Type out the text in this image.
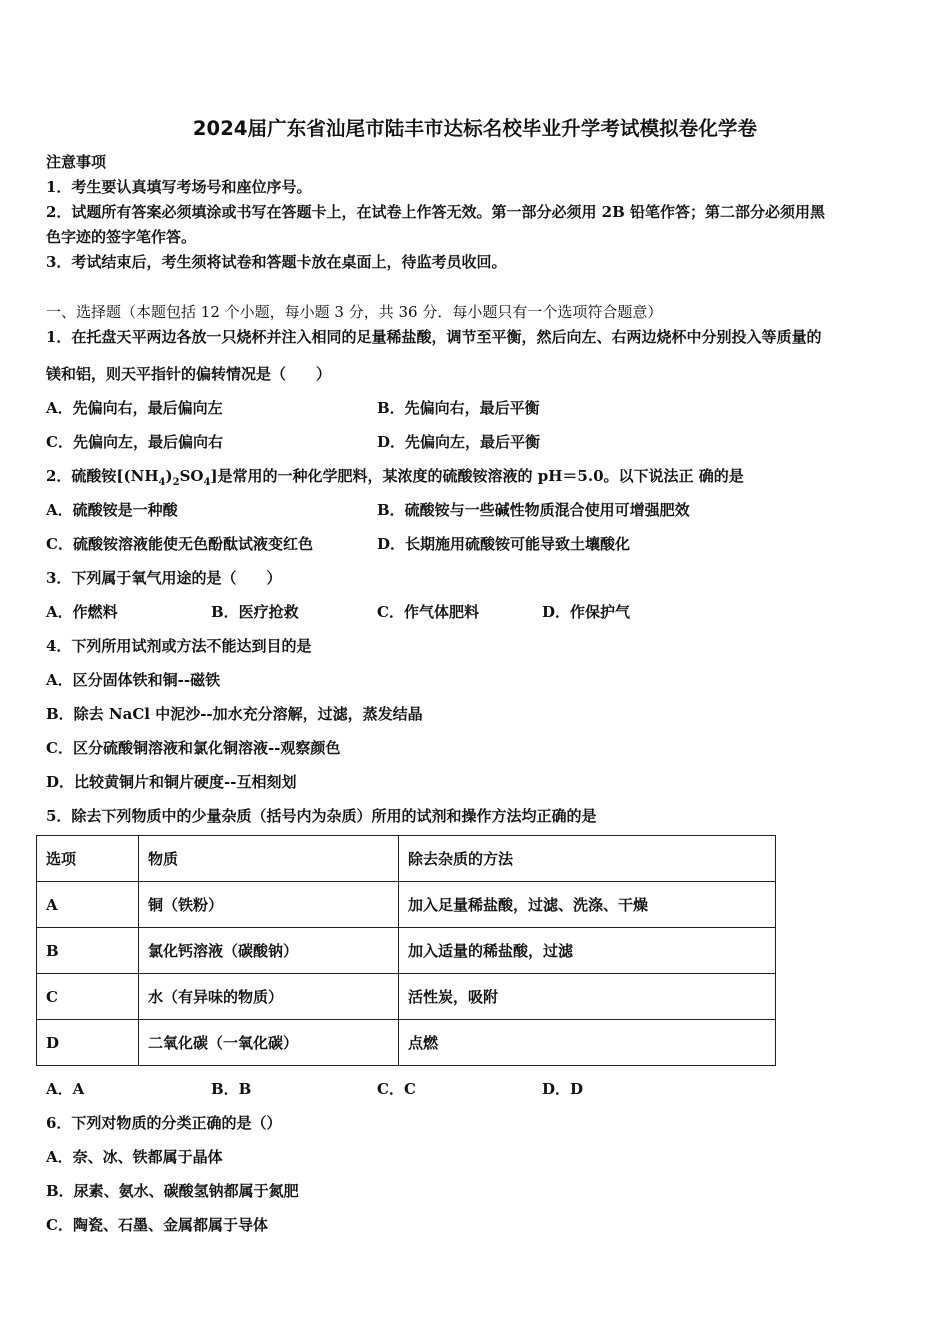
2024届广东省汕尾市陆丰市达标名校毕业升学考试模拟卷化学卷
注意事项
1．考生要认真填写考场号和座位序号。
2．试题所有答案必须填涂或书写在答题卡上，在试卷上作答无效。第一部分必须用 2B 铅笔作答；第二部分必须用黑
色字迹的签字笔作答。
3．考试结束后，考生须将试卷和答题卡放在桌面上，待监考员收回。
一、选择题（本题包括 12 个小题，每小题 3 分，共 36 分．每小题只有一个选项符合题意）
1．在托盘天平两边各放一只烧杯并注入相同的足量稀盐酸，调节至平衡，然后向左、右两边烧杯中分别投入等质量的
镁和铝，则天平指针的偏转情况是（　　）
A．先偏向右，最后偏向左	B．先偏向右，最后平衡
C．先偏向左，最后偏向右	D．先偏向左，最后平衡
2．硫酸铵$[(NH_4)_2SO_4]$是常用的一种化学肥料，某浓度的硫酸铵溶液的 pH＝5.0。以下说法正 确的是
A．硫酸铵是一种酸	B．硫酸铵与一些碱性物质混合使用可增强肥效
C．硫酸铵溶液能使无色酚酞试液变红色	D．长期施用硫酸铵可能导致土壤酸化
3．下列属于氧气用途的是（　　）
A．作燃料	B．医疗抢救	C．作气体肥料	D．作保护气
4．下列所用试剂或方法不能达到目的是
A．区分固体铁和铜--磁铁
B．除去 NaCl 中泥沙--加水充分溶解，过滤，蒸发结晶
C．区分硫酸铜溶液和氯化铜溶液--观察颜色
D．比较黄铜片和铜片硬度--互相刻划
5．除去下列物质中的少量杂质（括号内为杂质）所用的试剂和操作方法均正确的是
选项	物质	除去杂质的方法
A	铜（铁粉）	加入足量稀盐酸，过滤、洗涤、干燥
B	氯化钙溶液（碳酸钠）	加入适量的稀盐酸，过滤
C	水（有异味的物质）	活性炭，吸附
D	二氧化碳（一氧化碳）	点燃
A．A	B．B	C．C	D．D
6．下列对物质的分类正确的是（）
A．奈、冰、铁都属于晶体
B．尿素、氨水、碳酸氢钠都属于氮肥
C．陶瓷、石墨、金属都属于导体
